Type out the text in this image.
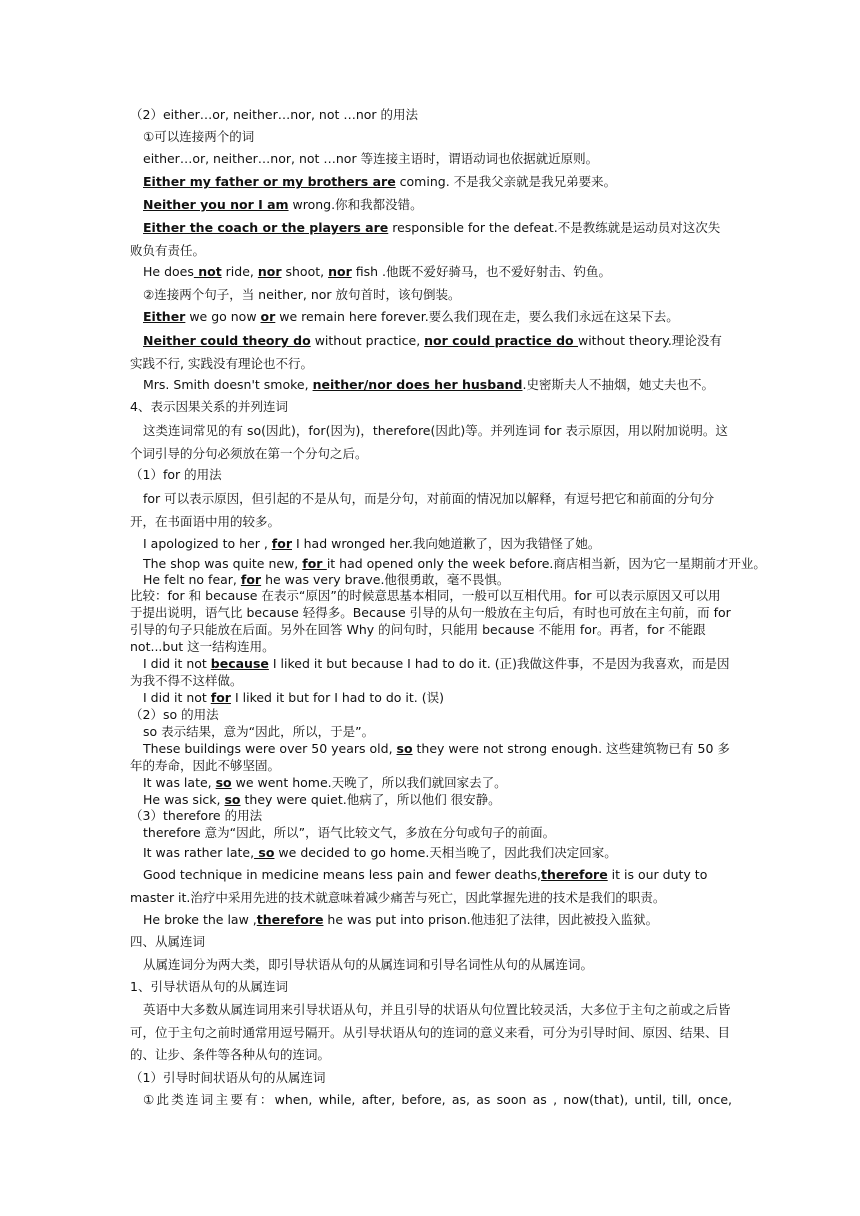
（2）either…or, neither…nor, not …nor 的用法
①可以连接两个的词
either…or, neither…nor, not …nor 等连接主语时，谓语动词也依据就近原则。
Either my father or my brothers are coming. 不是我父亲就是我兄弟要来。
Neither you nor I am wrong.你和我都没错。
Either the coach or the players are responsible for the defeat.不是教练就是运动员对这次失败负有责任。
He does not ride, nor shoot, nor fish .他既不爱好骑马，也不爱好射击、钓鱼。
②连接两个句子，当 neither, nor 放句首时，该句倒装。
Either we go now or we remain here forever.要么我们现在走，要么我们永远在这呆下去。
Neither could theory do without practice, nor could practice do without theory.理论没有实践不行, 实践没有理论也不行。
Mrs. Smith doesn't smoke, neither/nor does her husband.史密斯夫人不抽烟，她丈夫也不。
4、表示因果关系的并列连词
这类连词常见的有 so(因此)，for(因为)，therefore(因此)等。并列连词 for 表示原因，用以附加说明。这个词引导的分句必须放在第一个分句之后。
（1）for 的用法
for 可以表示原因，但引起的不是从句，而是分句，对前面的情况加以解释，有逗号把它和前面的分句分开，在书面语中用的较多。
I apologized to her , for I had wronged her.我向她道歉了，因为我错怪了她。
The shop was quite new, for it had opened only the week before.商店相当新，因为它一星期前才开业。
He felt no fear, for he was very brave.他很勇敢，毫不畏惧。
比较：for 和 because 在表示“原因”的时候意思基本相同，一般可以互相代用。for 可以表示原因又可以用于提出说明，语气比 because 轻得多。Because 引导的从句一般放在主句后，有时也可放在主句前，而 for 引导的句子只能放在后面。另外在回答 Why 的问句时，只能用 because 不能用 for。再者，for 不能跟 not...but 这一结构连用。
I did it not because I liked it but because I had to do it. (正)我做这件事，不是因为我喜欢，而是因为我不得不这样做。
I did it not for I liked it but for I had to do it. (误)
（2）so 的用法
so 表示结果，意为“因此，所以，于是”。
These buildings were over 50 years old, so they were not strong enough. 这些建筑物已有 50 多年的寿命，因此不够坚固。
It was late, so we went home.天晚了，所以我们就回家去了。
He was sick, so they were quiet.他病了，所以他们 很安静。
（3）therefore 的用法
therefore 意为“因此，所以”，语气比较文气，多放在分句或句子的前面。
It was rather late, so we decided to go home.天相当晚了，因此我们决定回家。
Good technique in medicine means less pain and fewer deaths,therefore it is our duty to master it.治疗中采用先进的技术就意味着减少痛苦与死亡，因此掌握先进的技术是我们的职责。
He broke the law ,therefore he was put into prison.他违犯了法律，因此被投入监狱。
四、从属连词
从属连词分为两大类，即引导状语从句的从属连词和引导名词性从句的从属连词。
1、引导状语从句的从属连词
英语中大多数从属连词用来引导状语从句，并且引导的状语从句位置比较灵活，大多位于主句之前或之后皆可，位于主句之前时通常用逗号隔开。从引导状语从句的连词的意义来看，可分为引导时间、原因、结果、目的、让步、条件等各种从句的连词。
（1）引导时间状语从句的从属连词
①此类连词主要有：when, while, after, before, as, as soon as , now(that), until, till, once,
